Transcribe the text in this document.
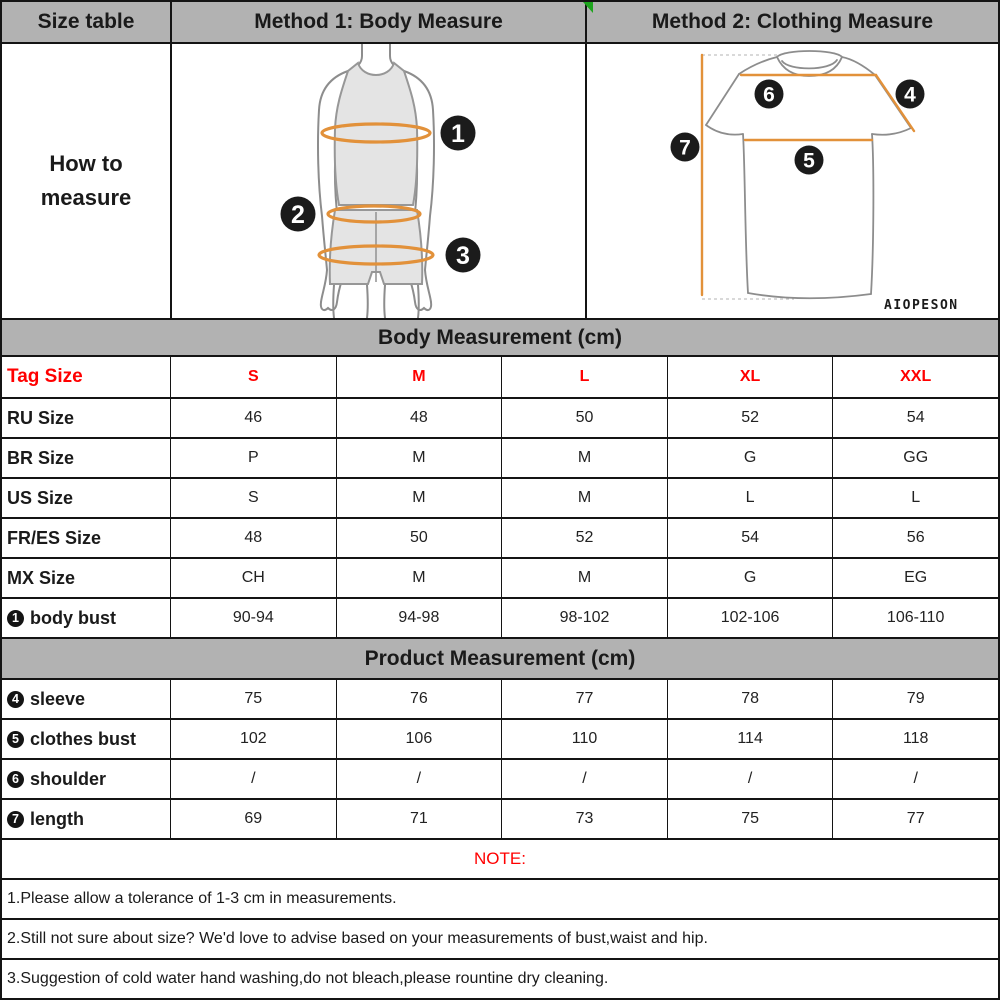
Size table	Method 1: Body Measure	Method 2: Clothing Measure
How to
measure
1
2
3
6	4
7
5
AIOPESON
Body Measurement (cm)
Tag Size	S	M	L	XL	XXL
RU Size	46	48	50	52	54
BR Size	P	M	M	G	GG
US Size	S	M	M	L	L
FR/ES Size	48	50	52	54	56
MX Size	CH	M	M	G	EG
1 body bust	90-94	94-98	98-102	102-106	106-110
Product Measurement (cm)
4 sleeve	75	76	77	78	79
5 clothes bust	102	106	110	114	118
6 shoulder	/	/	/	/	/
7 length	69	71	73	75	77
NOTE:
1.Please allow a tolerance of 1-3 cm in measurements.
2.Still not sure about size? We'd love to advise based on your measurements of bust,waist and hip.
3.Suggestion of cold water hand washing,do not bleach,please rountine dry cleaning.
